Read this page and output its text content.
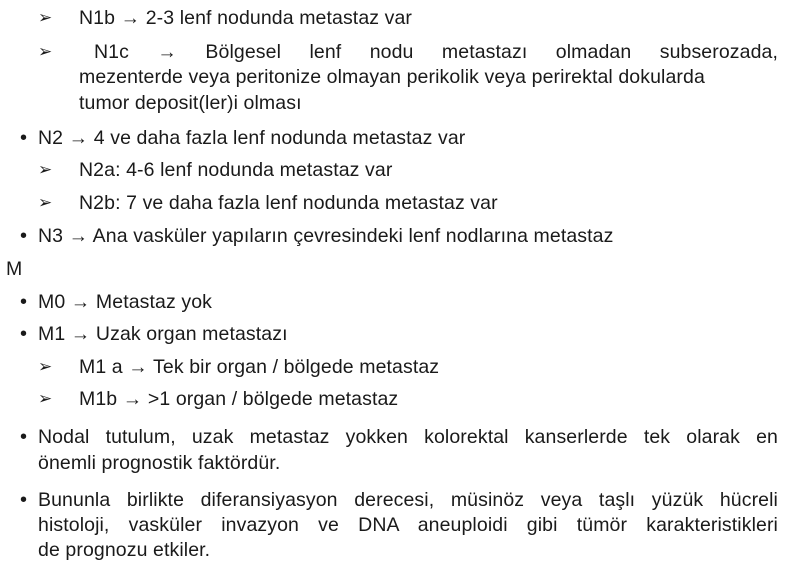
➢ N1b → 2-3 lenf nodunda metastaz var
➢ N1c → Bölgesel lenf nodu metastazı olmadan subserozada,
mezenterde veya peritonize olmayan perikolik veya perirektal dokularda
tumor deposit(ler)i olması
• N2 → 4 ve daha fazla lenf nodunda metastaz var
➢ N2a: 4-6 lenf nodunda metastaz var
➢ N2b: 7 ve daha fazla lenf nodunda metastaz var
• N3 → Ana vasküler yapıların çevresindeki lenf nodlarına metastaz
M
• M0 → Metastaz yok
• M1 → Uzak organ metastazı
➢ M1 a → Tek bir organ / bölgede metastaz
➢ M1b → >1 organ / bölgede metastaz
• Nodal tutulum, uzak metastaz yokken kolorektal kanserlerde tek olarak en
önemli prognostik faktördür.
• Bununla birlikte diferansiyasyon derecesi, müsinöz veya taşlı yüzük hücreli
histoloji, vasküler invazyon ve DNA aneuploidi gibi tümör karakteristikleri
de prognozu etkiler.
